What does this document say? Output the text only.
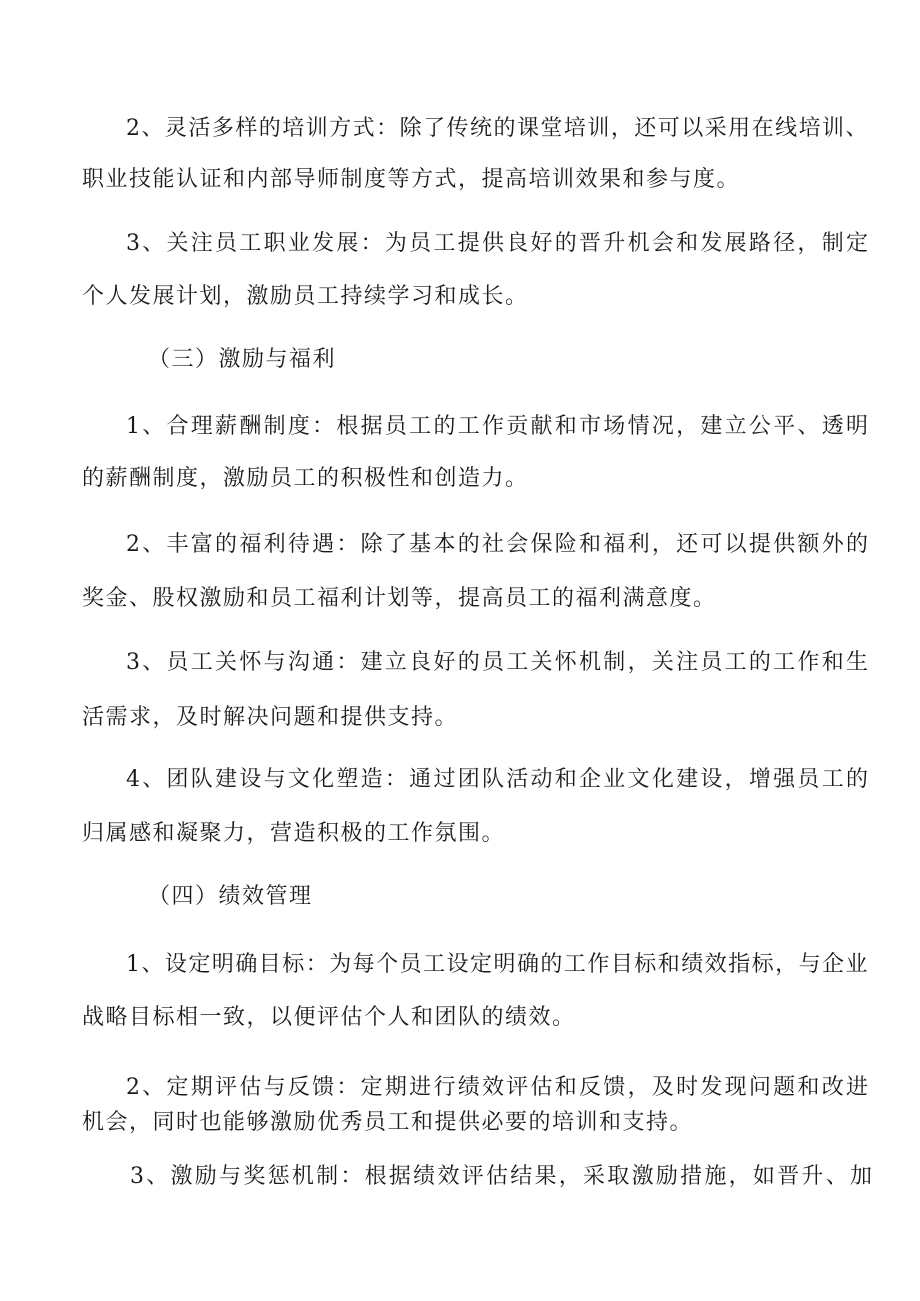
2 、 灵 活 多 样 的 培 训 方 式 ： 除 了 传 统 的 课 堂 培 训 ， 还 可 以 采 用 在 线 培 训 、
职业技能认证和内部导师制度等方式，提高培训效果和参与度。
3 、 关 注 员 工 职 业 发 展 ： 为 员 工 提 供 良 好 的 晋 升 机 会 和 发 展 路 径 ， 制 定
个人发展计划，激励员工持续学习和成长。
（三）激励与福利
1 、 合 理 薪 酬 制 度 ： 根 据 员 工 的 工 作 贡 献 和 市 场 情 况 ， 建 立 公 平 、 透 明
的薪酬制度，激励员工的积极性和创造力。
2 、 丰 富 的 福 利 待 遇 ： 除 了 基 本 的 社 会 保 险 和 福 利 ， 还 可 以 提 供 额 外 的
奖金、股权激励和员工福利计划等，提高员工的福利满意度。
3 、 员 工 关 怀 与 沟 通 ： 建 立 良 好 的 员 工 关 怀 机 制 ， 关 注 员 工 的 工 作 和 生
活需求，及时解决问题和提供支持。
4 、 团 队 建 设 与 文 化 塑 造 ： 通 过 团 队 活 动 和 企 业 文 化 建 设 ， 增 强 员 工 的
归属感和凝聚力，营造积极的工作氛围。
（四）绩效管理
1 、 设 定 明 确 目 标 ： 为 每 个 员 工 设 定 明 确 的 工 作 目 标 和 绩 效 指 标 ， 与 企 业
战略目标相一致，以便评估个人和团队的绩效。
2 、 定 期 评 估 与 反 馈 ： 定 期 进 行 绩 效 评 估 和 反 馈 ， 及 时 发 现 问 题 和 改 进
机会，同时也能够激励优秀员工和提供必要的培训和支持。
3 、 激 励 与 奖 惩 机 制 ： 根 据 绩 效 评 估 结 果 ， 采 取 激 励 措 施 ， 如 晋 升 、 加
